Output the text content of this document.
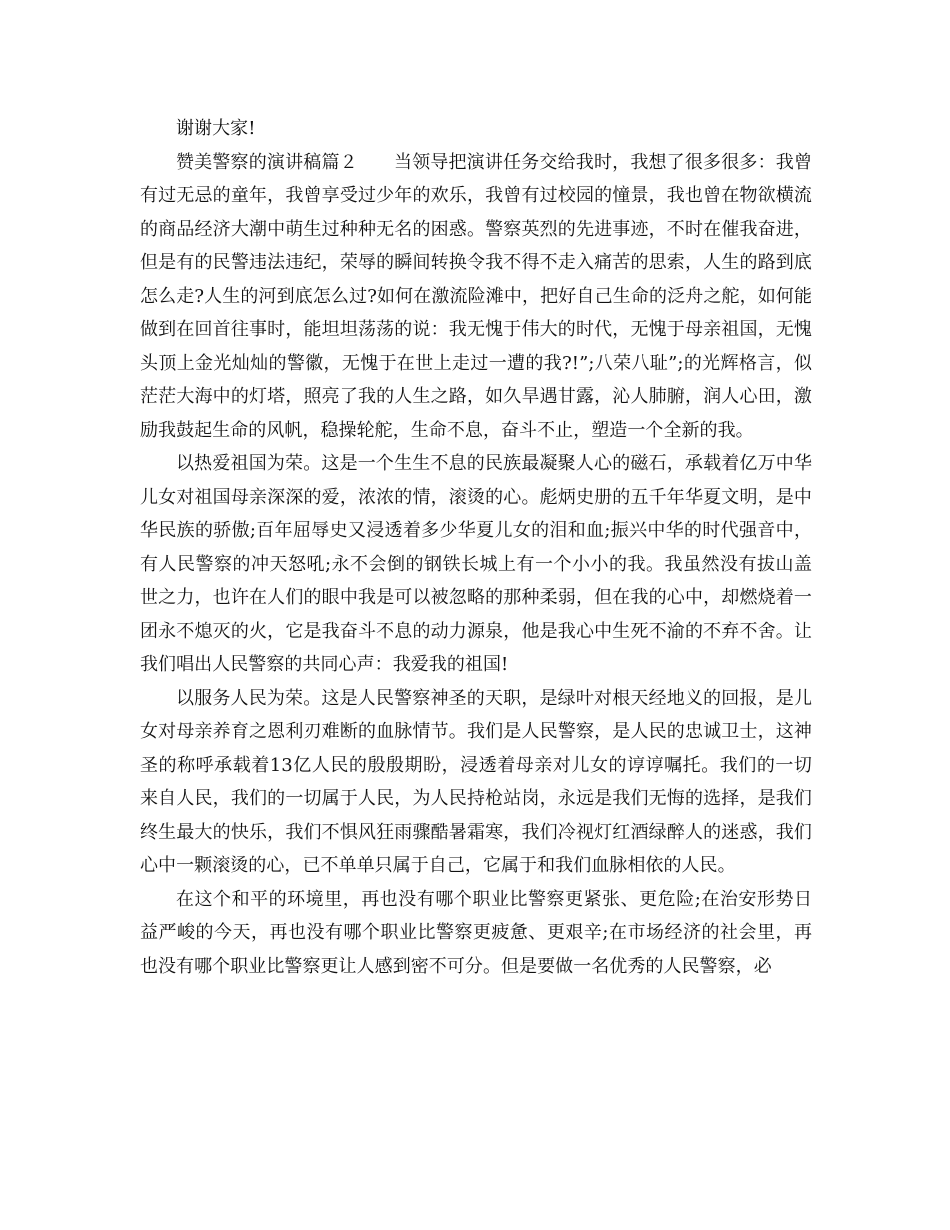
谢谢大家!

赞美警察的演讲稿篇２ 当领导把演讲任务交给我时，我想了很多很多：我曾有过无忌的童年，我曾享受过少年的欢乐，我曾有过校园的憧景，我也曾在物欲横流的商品经济大潮中萌生过种种无名的困惑。警察英烈的先进事迹，不时在催我奋进，但是有的民警违法违纪，荣辱的瞬间转换令我不得不走入痛苦的思索，人生的路到底怎么走?人生的河到底怎么过?如何在激流险滩中，把好自己生命的泛舟之舵，如何能做到在回首往事时，能坦坦荡荡的说：我无愧于伟大的时代，无愧于母亲祖国，无愧头顶上金光灿灿的警徽，无愧于在世上走过一遭的我?!”;八荣八耻”;的光辉格言，似茫茫大海中的灯塔，照亮了我的人生之路，如久旱遇甘露，沁人肺腑，润人心田，激励我鼓起生命的风帆，稳操轮舵，生命不息，奋斗不止，塑造一个全新的我。

以热爱祖国为荣。这是一个生生不息的民族最凝聚人心的磁石，承载着亿万中华儿女对祖国母亲深深的爱，浓浓的情，滚烫的心。彪炳史册的五千年华夏文明，是中华民族的骄傲;百年屈辱史又浸透着多少华夏儿女的泪和血;振兴中华的时代强音中，有人民警察的冲天怒吼;永不会倒的钢铁长城上有一个小小的我。我虽然没有拔山盖世之力，也许在人们的眼中我是可以被忽略的那种柔弱，但在我的心中，却燃烧着一团永不熄灭的火，它是我奋斗不息的动力源泉，他是我心中生死不渝的不弃不舍。让我们唱出人民警察的共同心声：我爱我的祖国!

以服务人民为荣。这是人民警察神圣的天职，是绿叶对根天经地义的回报，是儿女对母亲养育之恩利刃难断的血脉情节。我们是人民警察，是人民的忠诚卫士，这神圣的称呼承载着13亿人民的殷殷期盼，浸透着母亲对儿女的谆谆嘱托。我们的一切来自人民，我们的一切属于人民，为人民持枪站岗，永远是我们无悔的选择，是我们终生最大的快乐，我们不惧风狂雨骤酷暑霜寒，我们冷视灯红酒绿醉人的迷惑，我们心中一颗滚烫的心，已不单单只属于自己，它属于和我们血脉相依的人民。

在这个和平的环境里，再也没有哪个职业比警察更紧张、更危险;在治安形势日益严峻的今天，再也没有哪个职业比警察更疲惫、更艰辛;在市场经济的社会里，再也没有哪个职业比警察更让人感到密不可分。但是要做一名优秀的人民警察，必
